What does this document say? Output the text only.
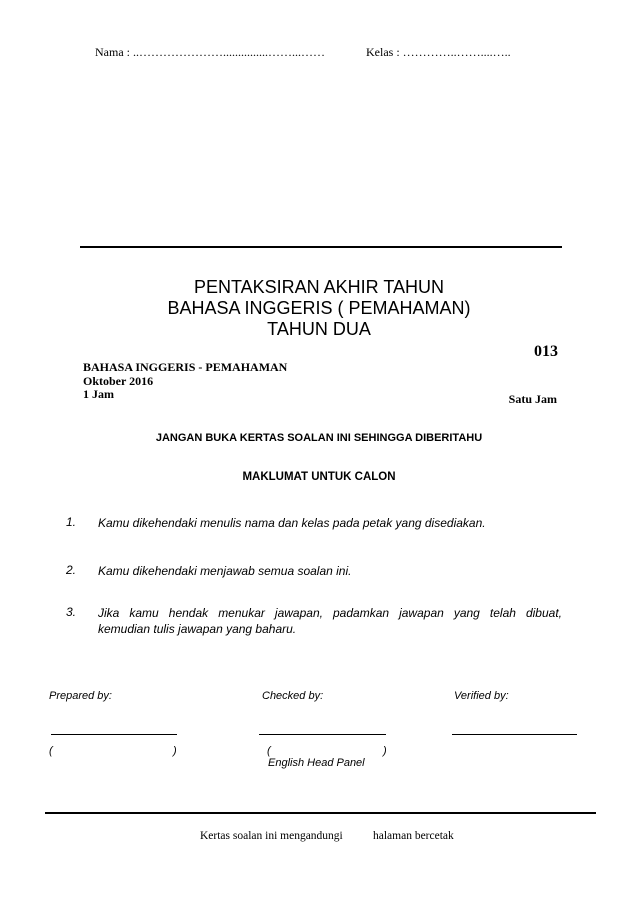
Nama : ..…………………...............……...……	Kelas : …………..……....…..
PENTAKSIRAN AKHIR TAHUN
BAHASA INGGERIS ( PEMAHAMAN)
TAHUN DUA
BAHASA INGGERIS - PEMAHAMAN
Oktober 2016
1 Jam
013
Satu Jam
JANGAN BUKA KERTAS SOALAN INI SEHINGGA DIBERITAHU
MAKLUMAT UNTUK CALON
1. Kamu dikehendaki menulis nama dan kelas pada petak yang disediakan.
2. Kamu dikehendaki menjawab semua soalan ini.
3. Jika kamu hendak menukar jawapan, padamkan jawapan yang telah dibuat,
kemudian tulis jawapan yang baharu.
Prepared by:	Checked by:	Verified by:
(	)	(	)
English Head Panel
Kertas soalan ini mengandungi	halaman bercetak
